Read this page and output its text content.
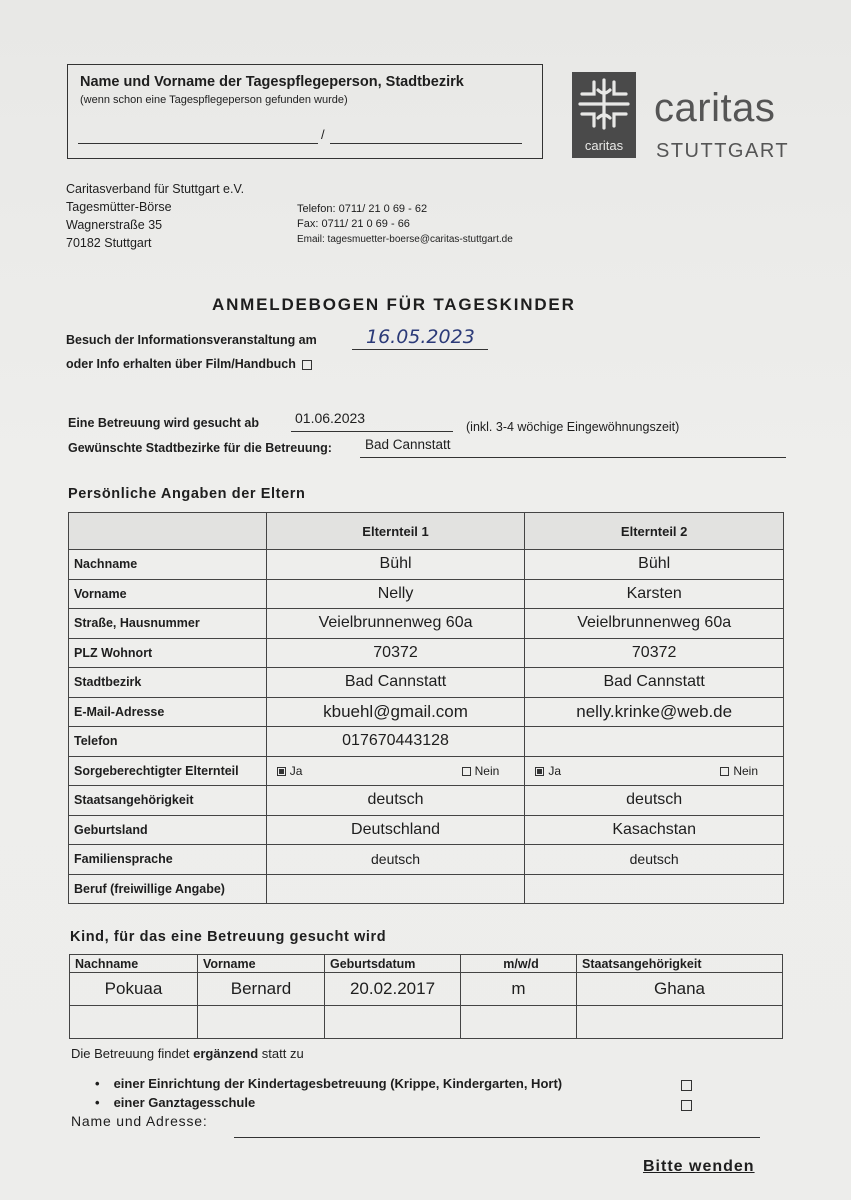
Name und Vorname der Tagespflegeperson, Stadtbezirk
(wenn schon eine Tagespflegeperson gefunden wurde)
/
caritas
caritas
STUTTGART
Caritasverband für Stuttgart e.V.
Tagesmütter-Börse
Wagnerstraße 35
70182 Stuttgart
Telefon: 0711/ 21 0 69 - 62
Fax: 0711/ 21 0 69 - 66
Email: tagesmuetter-boerse@caritas-stuttgart.de
ANMELDEBOGEN FÜR TAGESKINDER
Besuch der Informationsveranstaltung am	16.05.2023
oder Info erhalten über Film/Handbuch
Eine Betreuung wird gesucht ab	01.06.2023
(inkl. 3-4 wöchige Eingewöhnungszeit)
Gewünschte Stadtbezirke für die Betreuung: Bad Cannstatt
Persönliche Angaben der Eltern
	Elternteil 1	Elternteil 2
Nachname	Bühl	Bühl
Vorname	Nelly	Karsten
Straße, Hausnummer	Veielbrunnenweg 60a	Veielbrunnenweg 60a
PLZ Wohnort	70372	70372
Stadtbezirk	Bad Cannstatt	Bad Cannstatt
E-Mail-Adresse	kbuehl@gmail.com	nelly.krinke@web.de
Telefon	017670443128	
Sorgeberechtigter Elternteil	Ja Nein	Ja Nein

Staatsangehörigkeit	deutsch	deutsch
Geburtsland	Deutschland	Kasachstan
Familiensprache	deutsch	deutsch
Beruf (freiwillige Angabe)		
Kind, für das eine Betreuung gesucht wird
Nachname	Vorname	Geburtsdatum	m/w/d	Staatsangehörigkeit
Pokuaa	Bernard	20.02.2017	m	Ghana

Die Betreuung findet ergänzend statt zu
• einer Einrichtung der Kindertagesbetreuung (Krippe, Kindergarten, Hort)
• einer Ganztagesschule
Name und Adresse:
Bitte wenden
